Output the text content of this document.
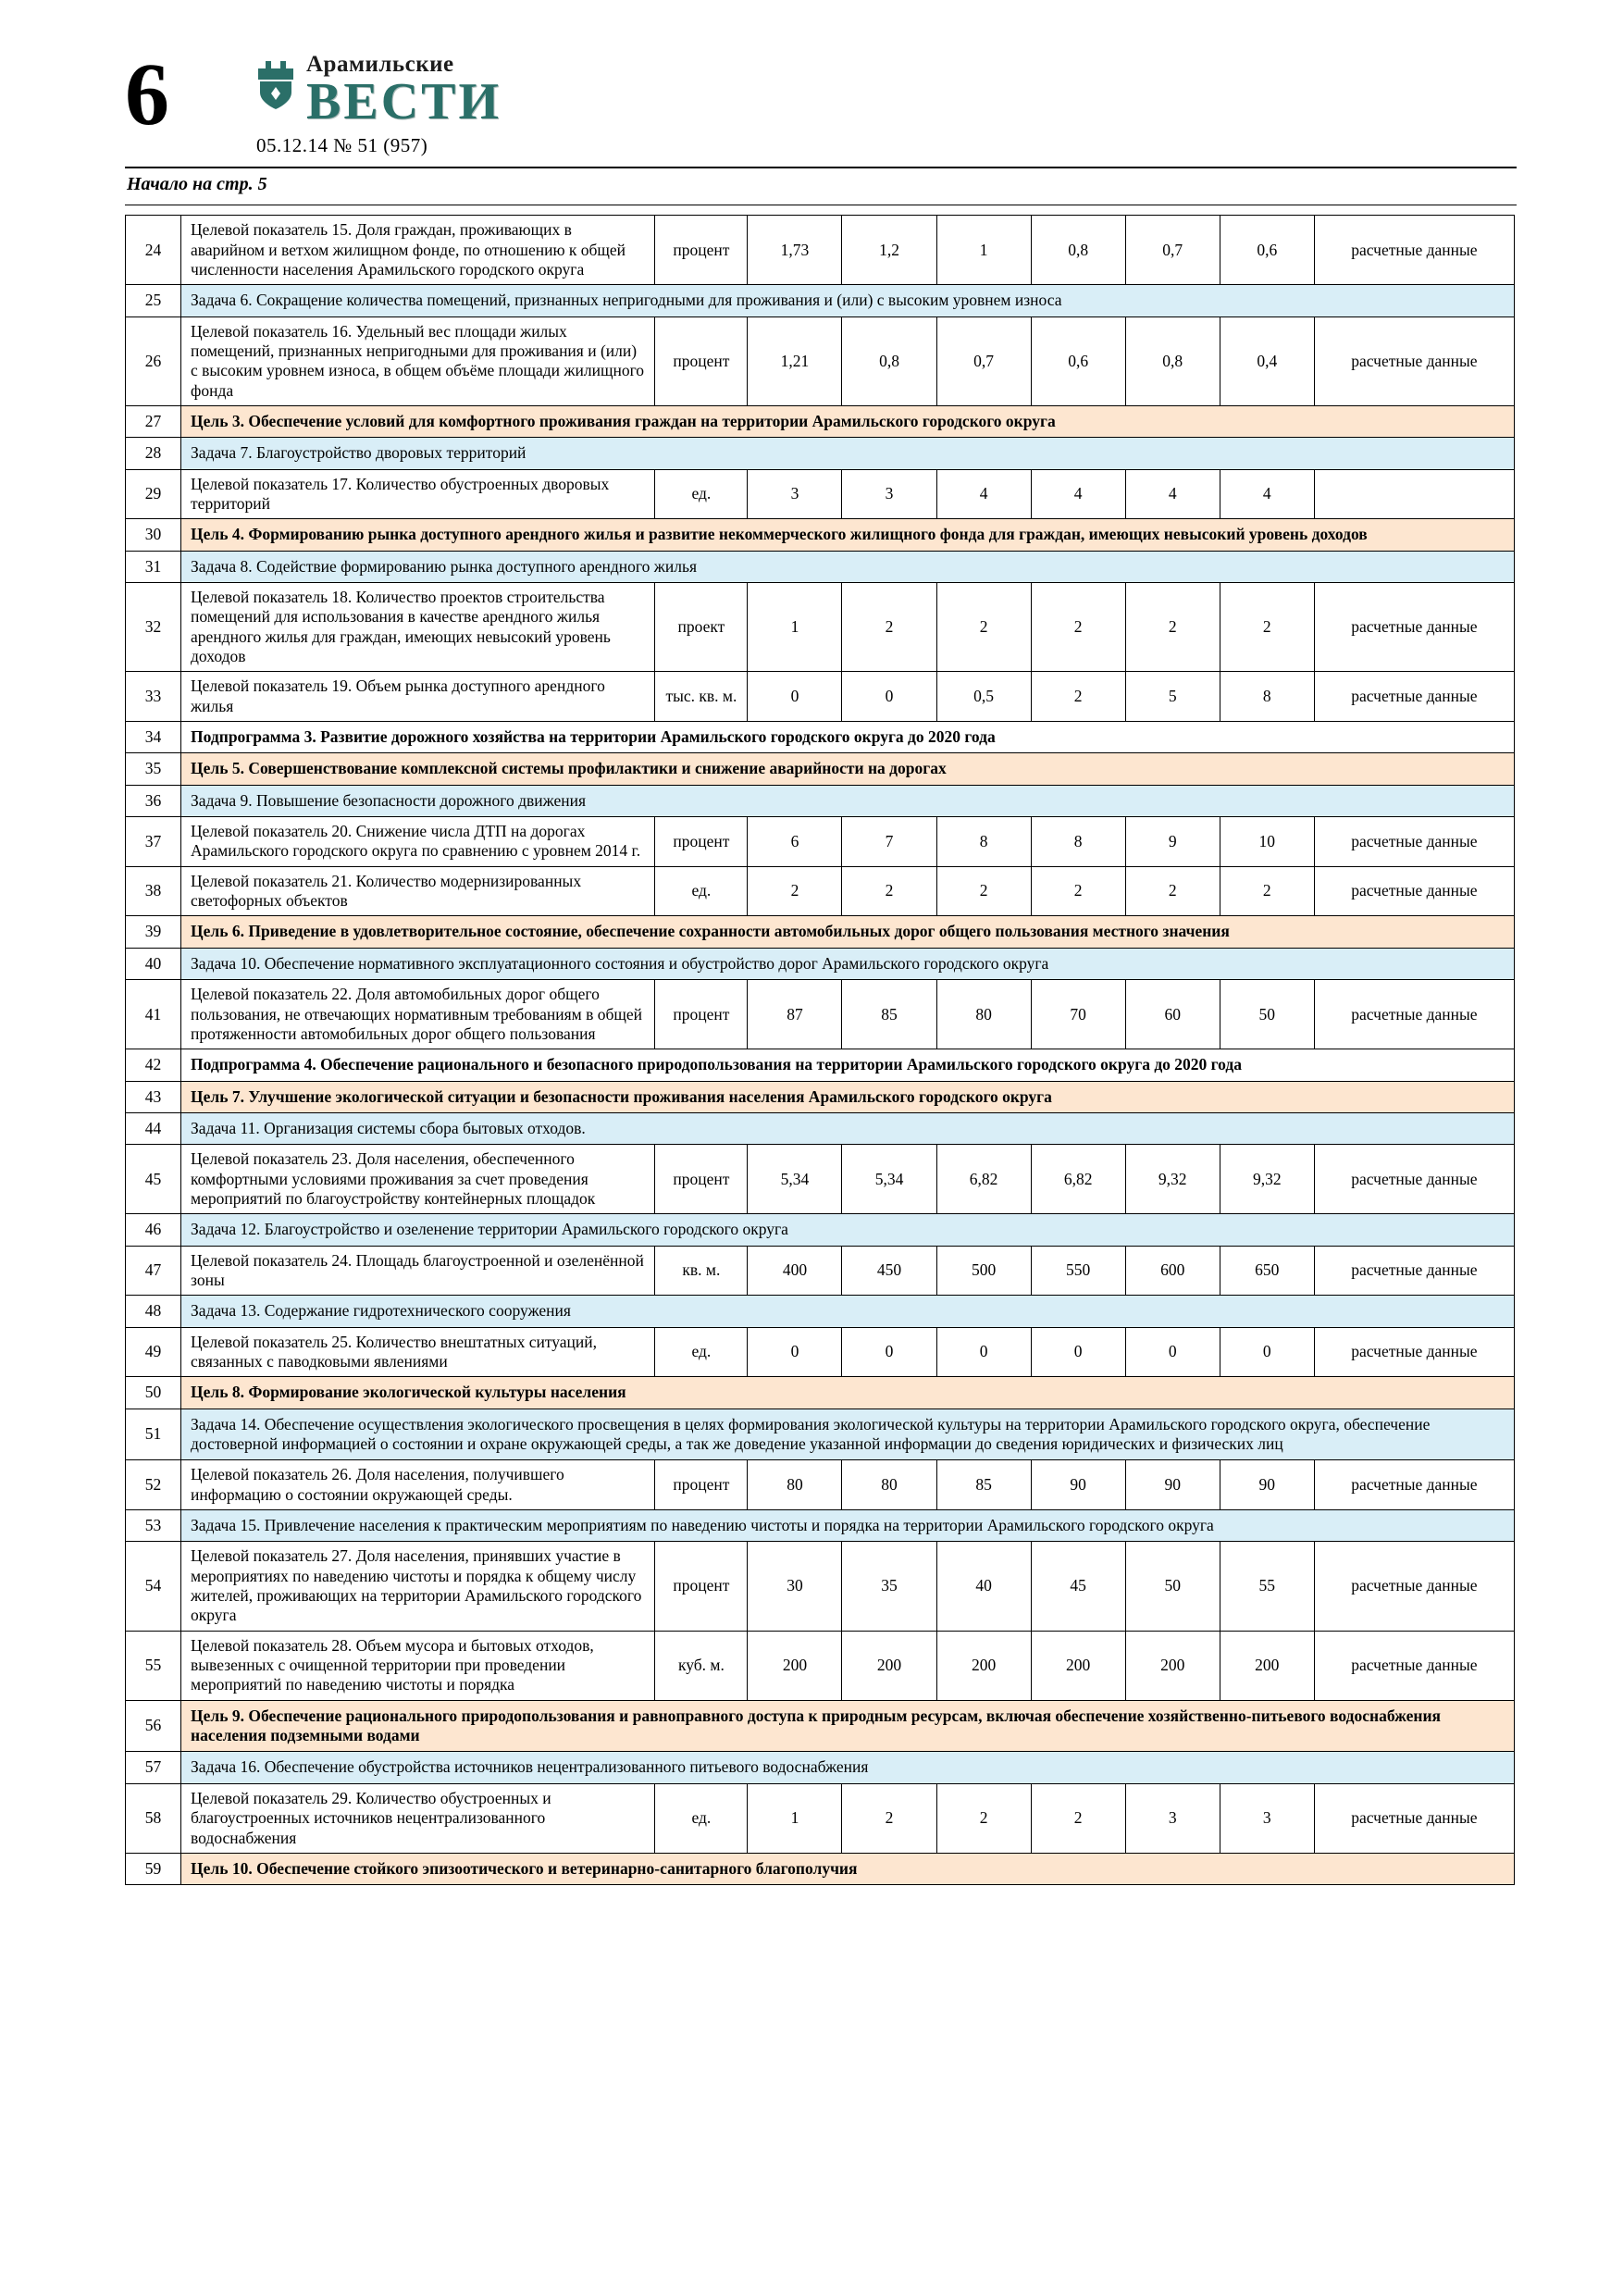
6	Арамильские
ВЕСТИ
05.12.14 № 51 (957)
Начало на стр. 5
24	Целевой показатель 15. Доля граждан, проживающих в аварийном и ветхом жилищном фонде, по отношению к общей численности населения Арамильского городского округа	процент	1,73	1,2	1	0,8	0,7	0,6	расчетные данные
25	Задача 6. Сокращение количества помещений, признанных непригодными для проживания и (или) с высоким уровнем износа								
26	Целевой показатель 16. Удельный вес площади жилых помещений, признанных непригодными для проживания и (или) с высоким уровнем износа, в общем объёме площади жилищного фонда	процент	1,21	0,8	0,7	0,6	0,8	0,4	расчетные данные
27	Цель 3. Обеспечение условий для комфортного проживания граждан на территории Арамильского городского округа								
28	Задача 7. Благоустройство дворовых территорий								
29	Целевой показатель 17. Количество обустроенных дворовых территорий	ед.	3	3	4	4	4	4	
30	Цель 4. Формированию рынка доступного арендного жилья и развитие некоммерческого жилищного фонда для граждан, имеющих невысокий уровень доходов								
31	Задача 8. Содействие формированию рынка доступного арендного жилья								
32	Целевой показатель 18. Количество проектов строительства помещений для использования в качестве арендного жилья арендного жилья для граждан, имеющих невысокий уровень доходов	проект	1	2	2	2	2	2	расчетные данные
33	Целевой показатель 19. Объем рынка доступного арендного жилья	тыс. кв. м.	0	0	0,5	2	5	8	расчетные данные
34	Подпрограмма 3. Развитие дорожного хозяйства на территории Арамильского городского округа до 2020 года								
35	Цель 5. Совершенствование комплексной системы профилактики и снижение аварийности на дорогах								
36	Задача 9. Повышение безопасности дорожного движения								
37	Целевой показатель 20. Снижение числа ДТП на дорогах Арамильского городского округа по сравнению с уровнем 2014 г.	процент	6	7	8	8	9	10	расчетные данные
38	Целевой показатель 21. Количество модернизированных светофорных объектов	ед.	2	2	2	2	2	2	расчетные данные
39	Цель 6. Приведение в удовлетворительное состояние, обеспечение сохранности автомобильных дорог общего пользования местного значения								
40	Задача 10. Обеспечение нормативного эксплуатационного состояния и обустройство дорог Арамильского городского округа								
41	Целевой показатель 22. Доля автомобильных дорог общего пользования, не отвечающих нормативным требованиям в общей протяженности автомобильных дорог общего пользования	процент	87	85	80	70	60	50	расчетные данные
42	Подпрограмма 4. Обеспечение рационального и безопасного природопользования на территории Арамильского городского округа до 2020 года								
43	Цель 7. Улучшение экологической ситуации и безопасности проживания населения Арамильского городского округа								
44	Задача 11. Организация системы сбора бытовых отходов.								
45	Целевой показатель 23. Доля населения, обеспеченного комфортными условиями проживания за счет проведения мероприятий по благоустройству контейнерных площадок	процент	5,34	5,34	6,82	6,82	9,32	9,32	расчетные данные
46	Задача 12. Благоустройство и озеленение территории Арамильского городского округа								
47	Целевой показатель 24. Площадь благоустроенной и озеленённой зоны	кв. м.	400	450	500	550	600	650	расчетные данные
48	Задача 13. Содержание гидротехнического сооружения								
49	Целевой показатель 25. Количество внештатных ситуаций, связанных с паводковыми явлениями	ед.	0	0	0	0	0	0	расчетные данные
50	Цель 8. Формирование экологической культуры населения								
51	Задача 14. Обеспечение осуществления экологического просвещения в целях формирования экологической культуры на территории Арамильского городского округа, обеспечение достоверной информацией о состоянии и охране окружающей среды, а так же доведение указанной информации до сведения юридических и физических лиц								
52	Целевой показатель 26. Доля населения, получившего информацию о состоянии окружающей среды.	процент	80	80	85	90	90	90	расчетные данные
53	Задача 15. Привлечение населения к практическим мероприятиям по наведению чистоты и порядка на территории Арамильского городского округа								
54	Целевой показатель 27. Доля населения, принявших участие в мероприятиях по наведению чистоты и порядка к общему числу жителей, проживающих на территории Арамильского городского округа	процент	30	35	40	45	50	55	расчетные данные
55	Целевой показатель 28. Объем мусора и бытовых отходов, вывезенных с очищенной территории при проведении мероприятий по наведению чистоты и порядка	куб. м.	200	200	200	200	200	200	расчетные данные
56	Цель 9. Обеспечение рационального природопользования и равноправного доступа к природным ресурсам, включая обеспечение хозяйственно-питьевого водоснабжения населения подземными водами								
57	Задача 16. Обеспечение обустройства источников нецентрализованного питьевого водоснабжения								
58	Целевой показатель 29. Количество обустроенных и благоустроенных источников нецентрализованного водоснабжения	ед.	1	2	2	2	3	3	расчетные данные
59	Цель 10. Обеспечение стойкого эпизоотического и ветеринарно-санитарного благополучия								
